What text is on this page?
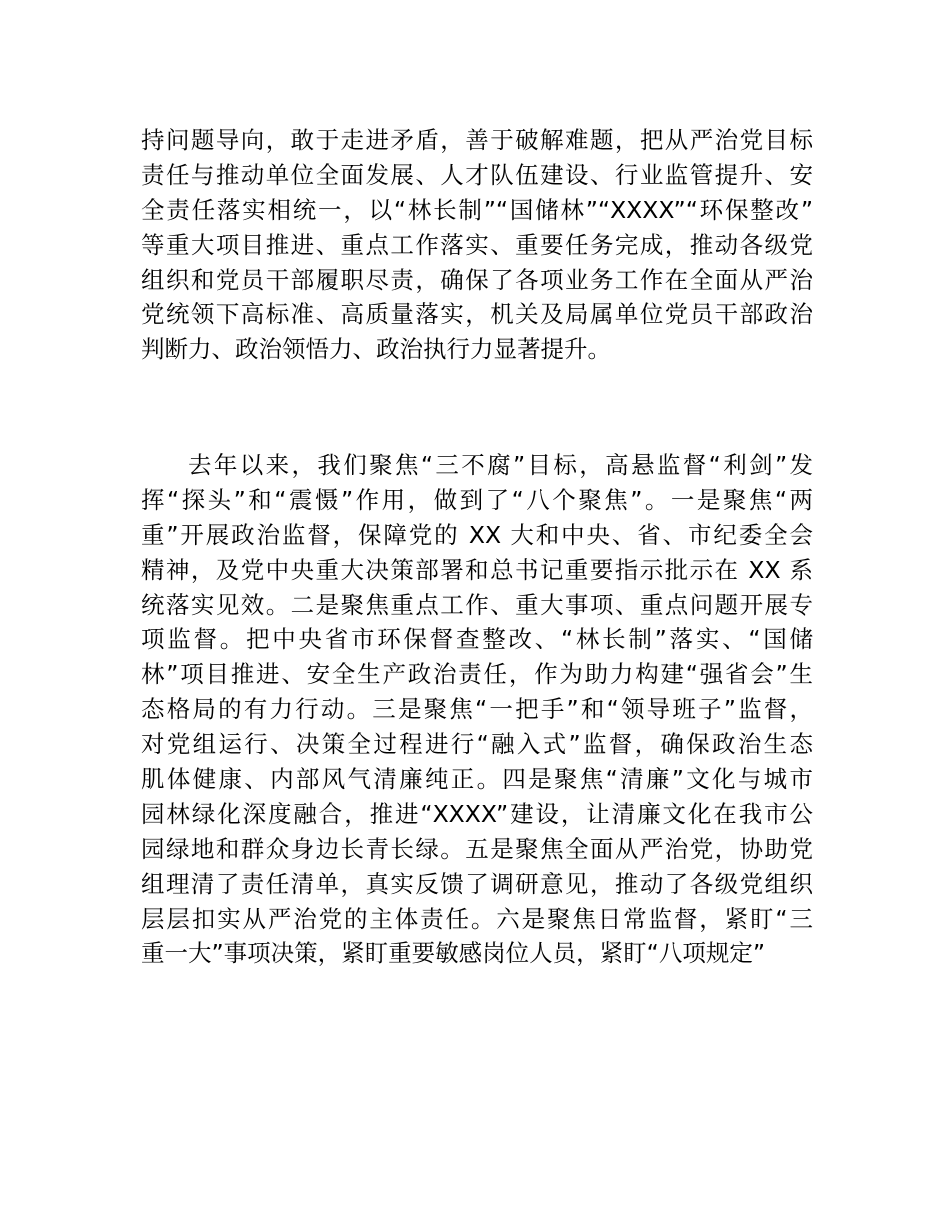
持问题导向，敢于走进矛盾，善于破解难题，把从严治党目标
责任与推动单位全面发展、人才队伍建设、行业监管提升、安
全责任落实相统一，以“林长制”“国储林”“XXXX”“环保整改”
等重大项目推进、重点工作落实、重要任务完成，推动各级党
组织和党员干部履职尽责，确保了各项业务工作在全面从严治
党统领下高标准、高质量落实，机关及局属单位党员干部政治
判断力、政治领悟力、政治执行力显著提升。
去年以来，我们聚焦“三不腐”目标，高悬监督“利剑”发
挥“探头”和“震慑”作用，做到了“八个聚焦”。一是聚焦“两
重”开展政治监督，保障党的 XX 大和中央、省、市纪委全会
精神，及党中央重大决策部署和总书记重要指示批示在 XX 系
统落实见效。二是聚焦重点工作、重大事项、重点问题开展专
项监督。把中央省市环保督查整改、“林长制”落实、“国储
林”项目推进、安全生产政治责任，作为助力构建“强省会”生
态格局的有力行动。三是聚焦“一把手”和“领导班子”监督，
对党组运行、决策全过程进行“融入式”监督，确保政治生态
肌体健康、内部风气清廉纯正。四是聚焦“清廉”文化与城市
园林绿化深度融合，推进“XXXX”建设，让清廉文化在我市公
园绿地和群众身边长青长绿。五是聚焦全面从严治党，协助党
组理清了责任清单，真实反馈了调研意见，推动了各级党组织
层层扣实从严治党的主体责任。六是聚焦日常监督，紧盯“三
重一大”事项决策，紧盯重要敏感岗位人员，紧盯“八项规定”
